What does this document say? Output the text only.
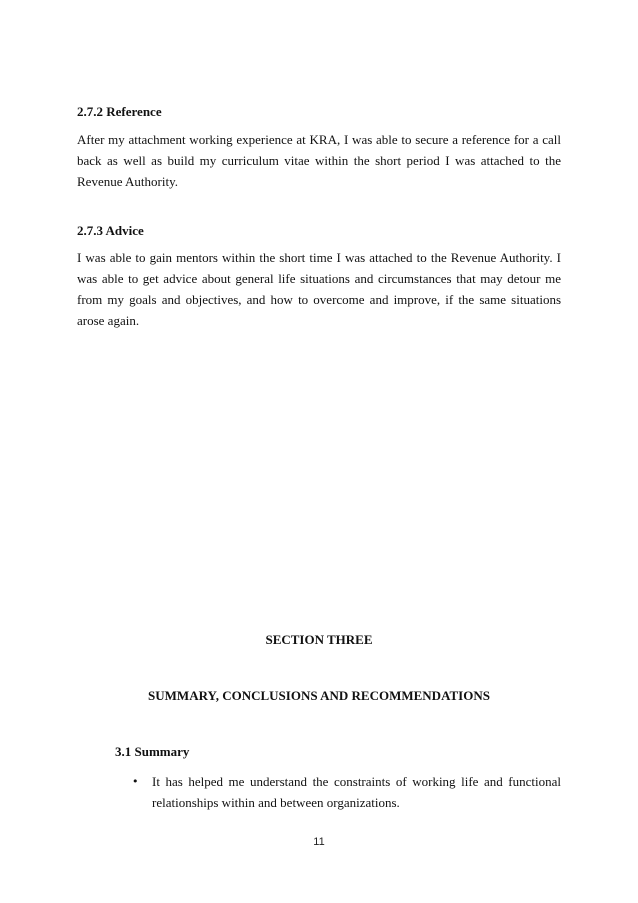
2.7.2 Reference

After my attachment working experience at KRA, I was able to secure a reference for a call back as well as build my curriculum vitae within the short period I was attached to the Revenue Authority.

2.7.3 Advice

I was able to gain mentors within the short time I was attached to the Revenue Authority. I was able to get advice about general life situations and circumstances that may detour me from my goals and objectives, and how to overcome and improve, if the same situations arose again.

SECTION THREE
SUMMARY, CONCLUSIONS AND RECOMMENDATIONS
3.1 Summary
• It has helped me understand the constraints of working life and functional relationships within and between organizations.

11
